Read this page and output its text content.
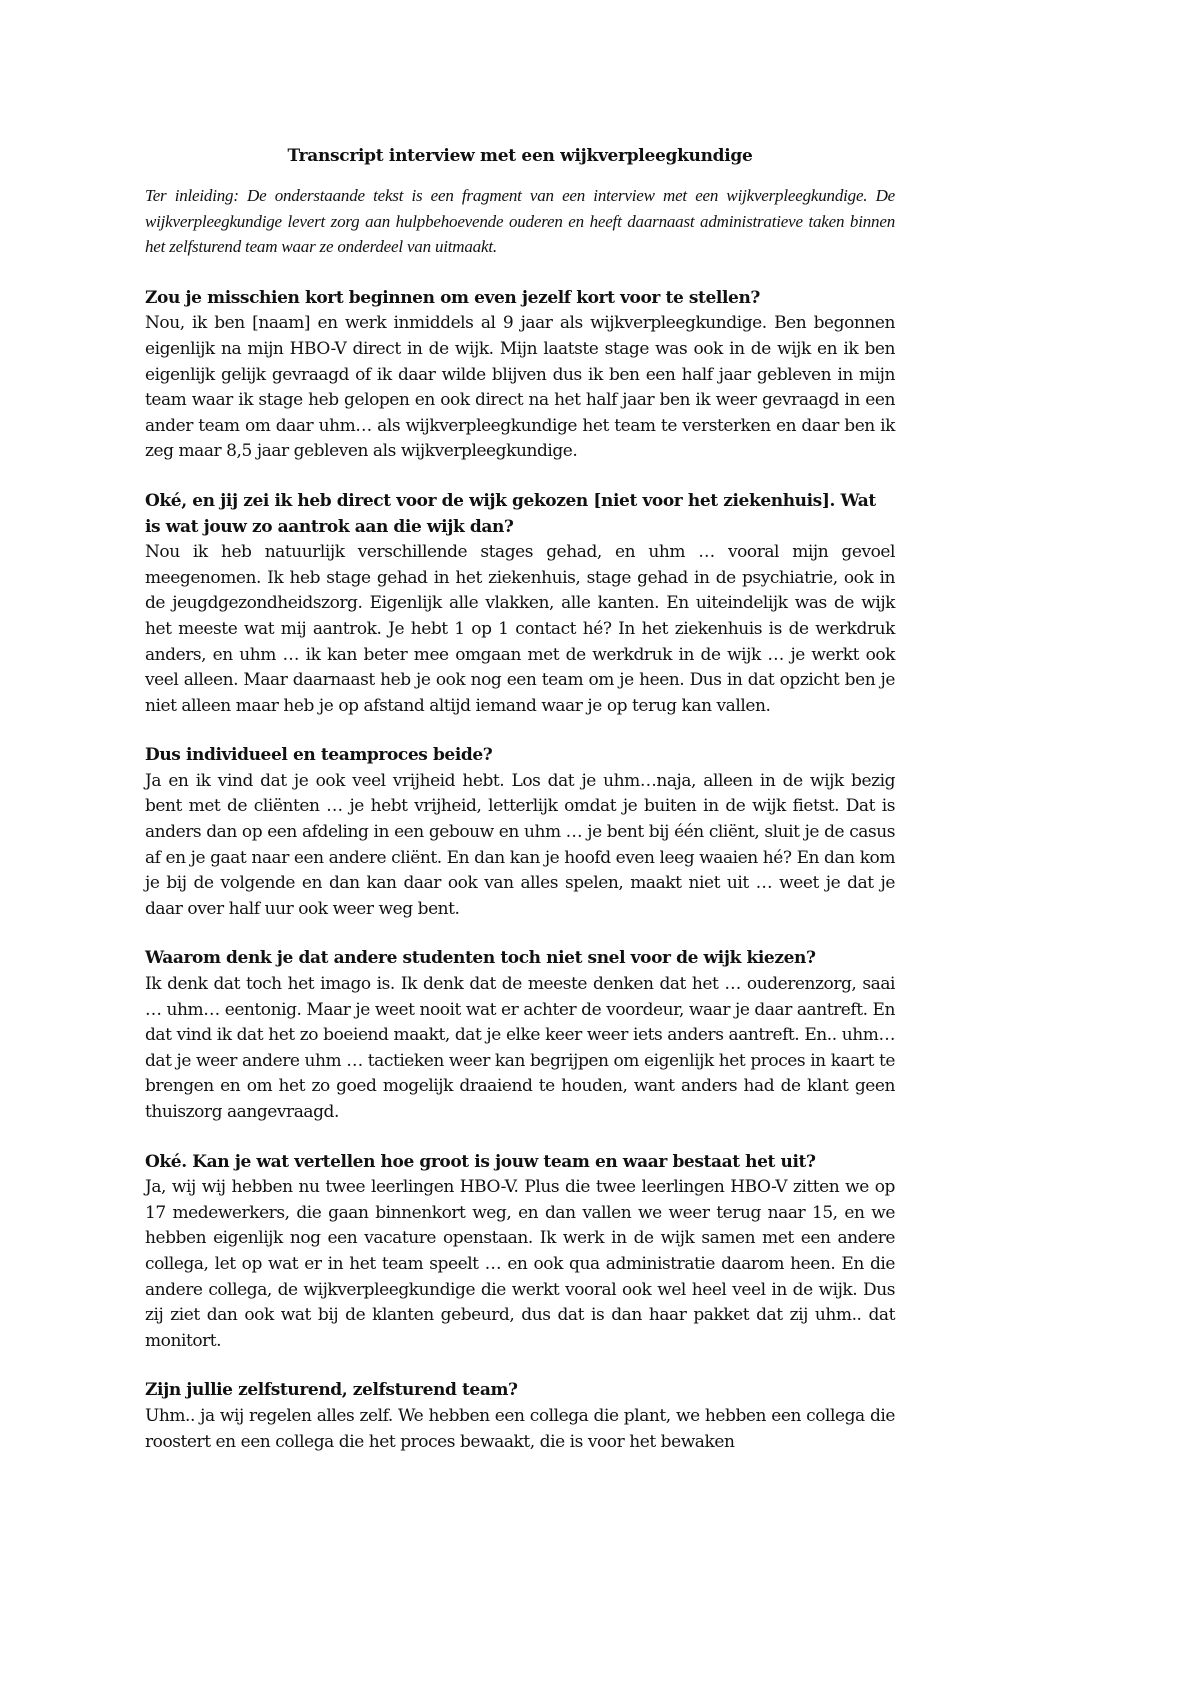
Transcript interview met een wijkverpleegkundige

Ter inleiding: De onderstaande tekst is een fragment van een interview met een wijkverpleegkundige. De wijkverpleegkundige levert zorg aan hulpbehoevende ouderen en heeft daarnaast administratieve taken binnen het zelfsturend team waar ze onderdeel van uitmaakt.

Zou je misschien kort beginnen om even jezelf kort voor te stellen?

Nou, ik ben [naam] en werk inmiddels al 9 jaar als wijkverpleegkundige. Ben begonnen eigenlijk na mijn HBO-V direct in de wijk. Mijn laatste stage was ook in de wijk en ik ben eigenlijk gelijk gevraagd of ik daar wilde blijven dus ik ben een half jaar gebleven in mijn team waar ik stage heb gelopen en ook direct na het half jaar ben ik weer gevraagd in een ander team om daar uhm… als wijkverpleegkundige het team te versterken en daar ben ik zeg maar 8,5 jaar gebleven als wijkverpleegkundige.

Oké, en jij zei ik heb direct voor de wijk gekozen [niet voor het ziekenhuis]. Wat is wat jouw zo aantrok aan die wijk dan?

Nou ik heb natuurlijk verschillende stages gehad, en uhm … vooral mijn gevoel meegenomen. Ik heb stage gehad in het ziekenhuis, stage gehad in de psychiatrie, ook in de jeugdgezondheidszorg. Eigenlijk alle vlakken, alle kanten. En uiteindelijk was de wijk het meeste wat mij aantrok. Je hebt 1 op 1 contact hé? In het ziekenhuis is de werkdruk anders, en uhm … ik kan beter mee omgaan met de werkdruk in de wijk … je werkt ook veel alleen. Maar daarnaast heb je ook nog een team om je heen. Dus in dat opzicht ben je niet alleen maar heb je op afstand altijd iemand waar je op terug kan vallen.

Dus individueel en teamproces beide?

Ja en ik vind dat je ook veel vrijheid hebt. Los dat je uhm…naja, alleen in de wijk bezig bent met de cliënten … je hebt vrijheid, letterlijk omdat je buiten in de wijk fietst. Dat is anders dan op een afdeling in een gebouw en uhm … je bent bij één cliënt, sluit je de casus af en je gaat naar een andere cliënt. En dan kan je hoofd even leeg waaien hé? En dan kom je bij de volgende en dan kan daar ook van alles spelen, maakt niet uit … weet je dat je daar over half uur ook weer weg bent.

Waarom denk je dat andere studenten toch niet snel voor de wijk kiezen?

Ik denk dat toch het imago is. Ik denk dat de meeste denken dat het … ouderenzorg, saai … uhm… eentonig. Maar je weet nooit wat er achter de voordeur, waar je daar aantreft. En dat vind ik dat het zo boeiend maakt, dat je elke keer weer iets anders aantreft. En.. uhm… dat je weer andere uhm … tactieken weer kan begrijpen om eigenlijk het proces in kaart te brengen en om het zo goed mogelijk draaiend te houden, want anders had de klant geen thuiszorg aangevraagd.

Oké. Kan je wat vertellen hoe groot is jouw team en waar bestaat het uit?

Ja, wij wij hebben nu twee leerlingen HBO-V. Plus die twee leerlingen HBO-V zitten we op 17 medewerkers, die gaan binnenkort weg, en dan vallen we weer terug naar 15, en we hebben eigenlijk nog een vacature openstaan. Ik werk in de wijk samen met een andere collega, let op wat er in het team speelt … en ook qua administratie daarom heen. En die andere collega, de wijkverpleegkundige die werkt vooral ook wel heel veel in de wijk. Dus zij ziet dan ook wat bij de klanten gebeurd, dus dat is dan haar pakket dat zij uhm.. dat monitort.

Zijn jullie zelfsturend, zelfsturend team?

Uhm.. ja wij regelen alles zelf. We hebben een collega die plant, we hebben een collega die roostert en een collega die het proces bewaakt, die is voor het bewaken
